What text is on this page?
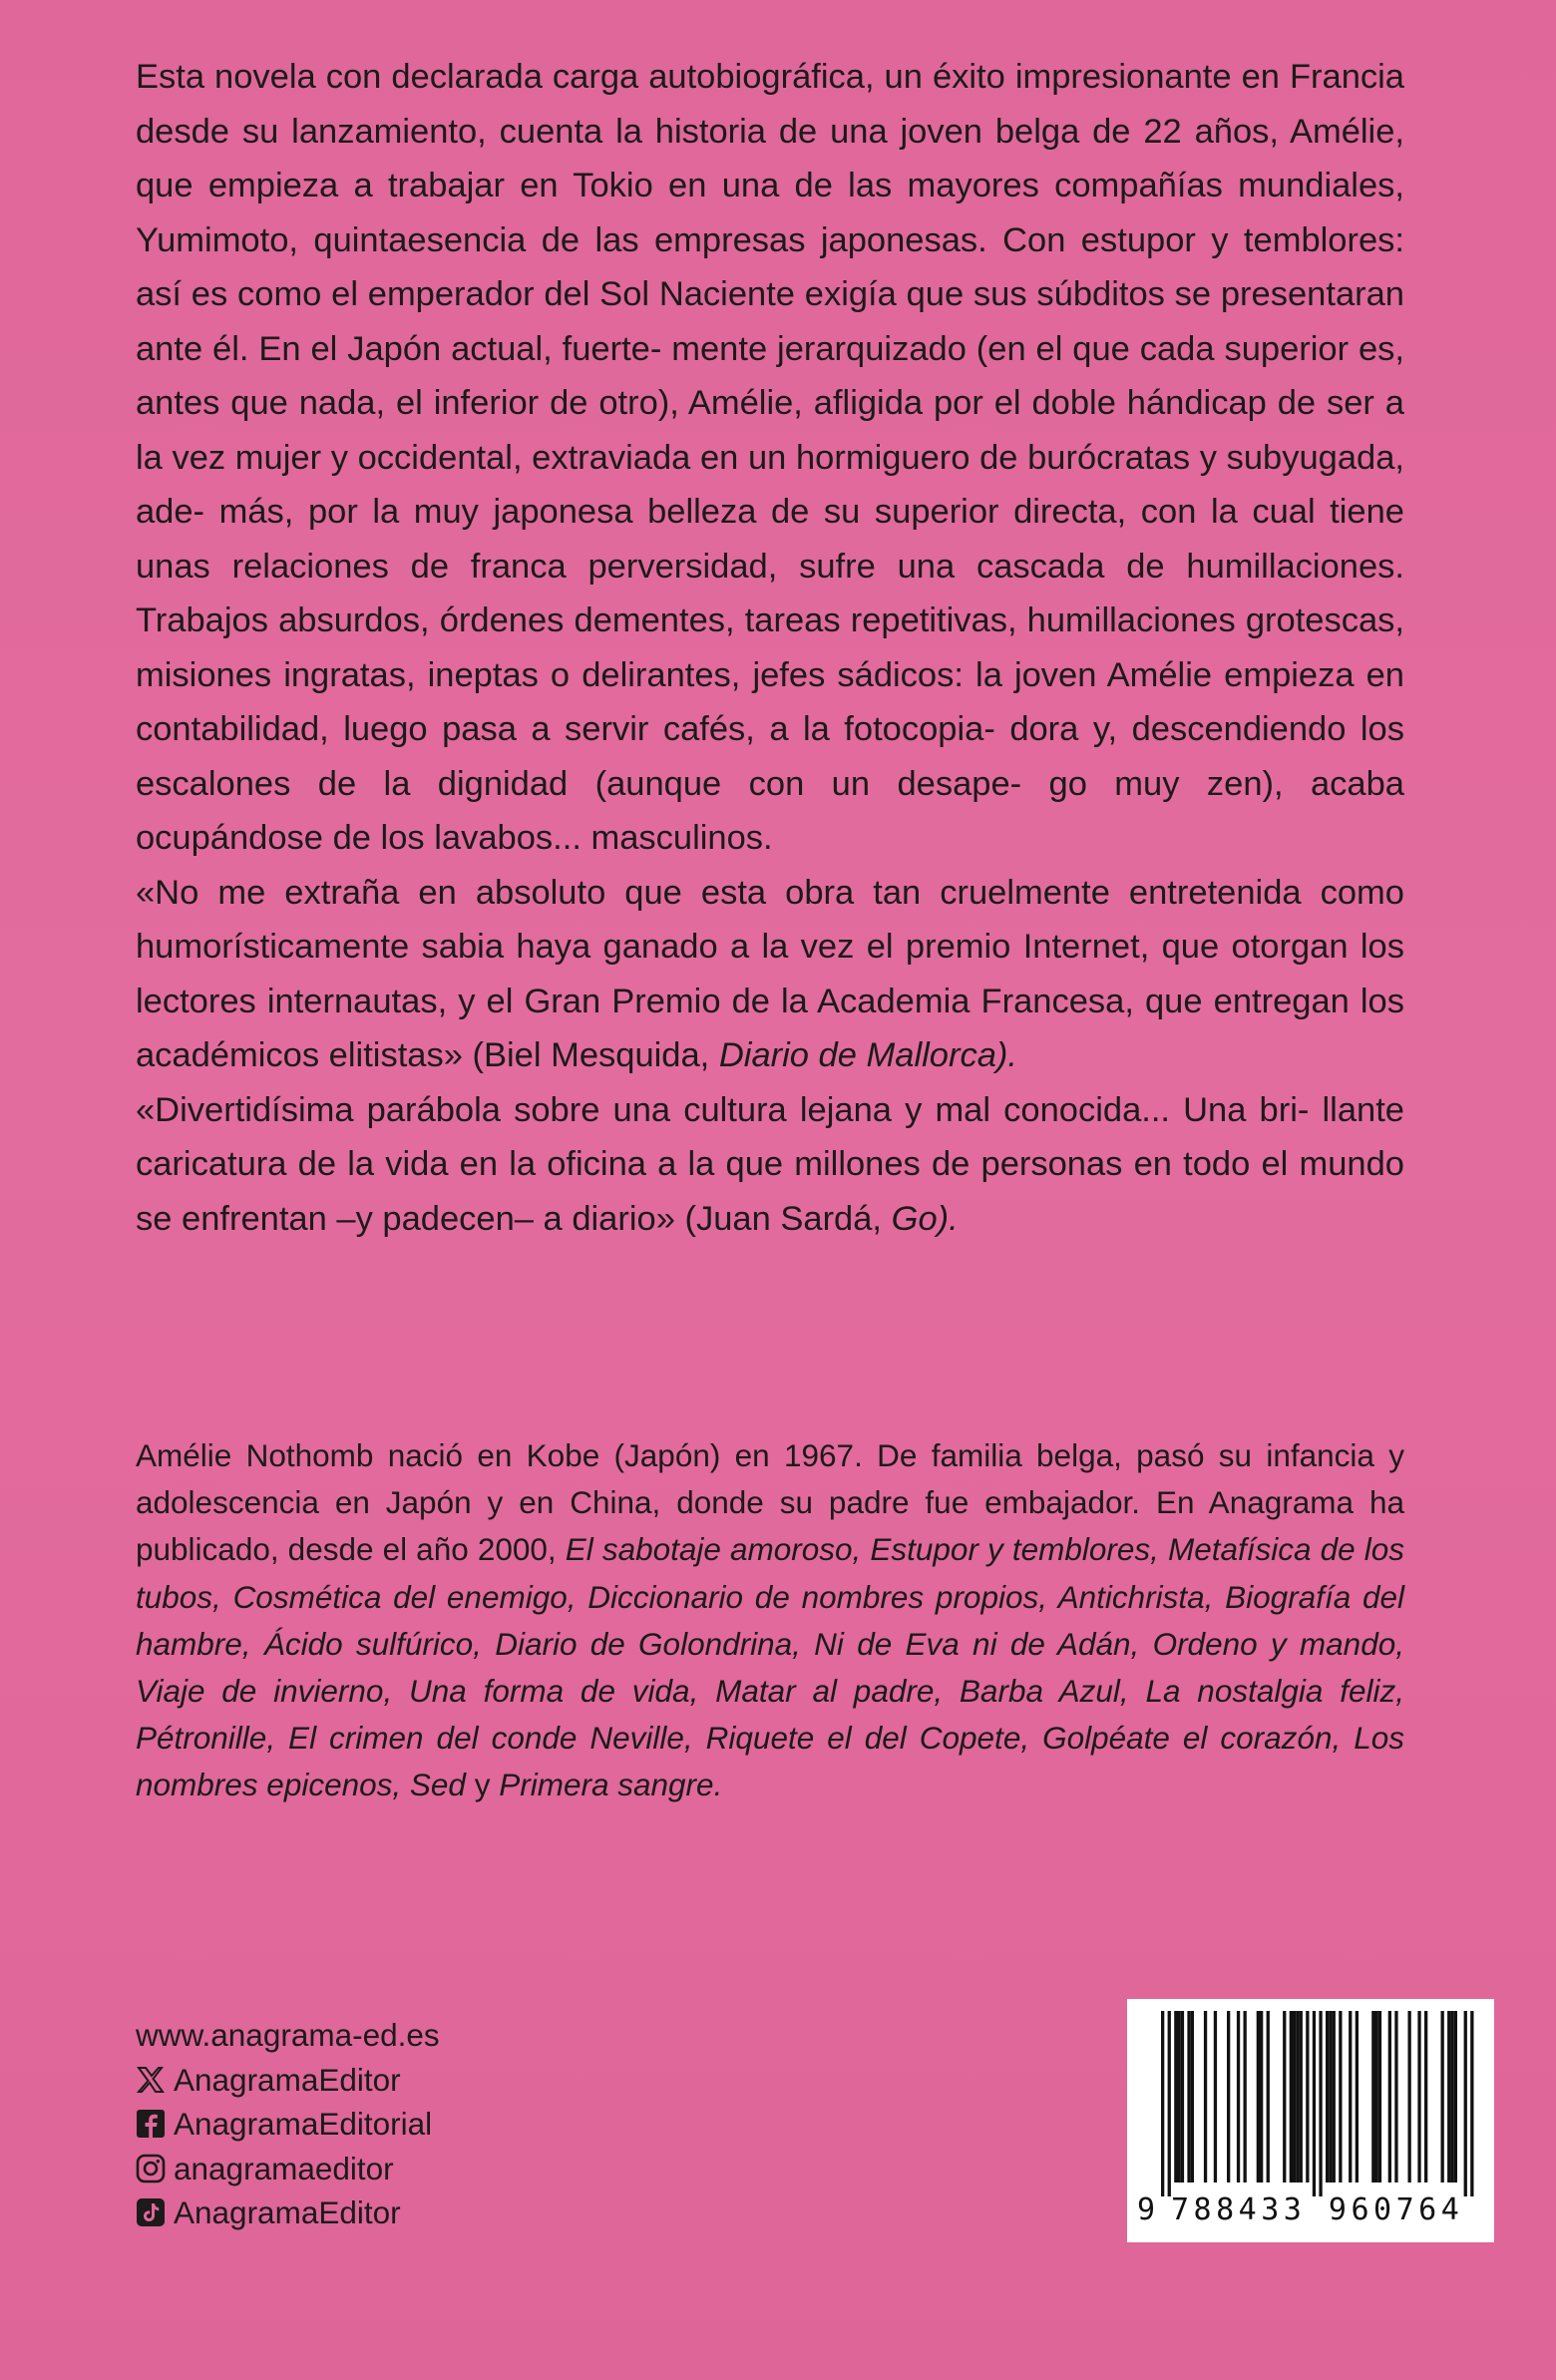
Esta novela con declarada carga autobiográfica, un éxito impresionante en Francia desde su lanzamiento, cuenta la historia de una joven belga de 22 años, Amélie, que empieza a trabajar en Tokio en una de las mayores compañías mundiales, Yumimoto, quintaesencia de las empresas japonesas. Con estupor y temblores: así es como el emperador del Sol Naciente exigía que sus súbditos se presentaran ante él. En el Japón actual, fuerte- mente jerarquizado (en el que cada superior es, antes que nada, el inferior de otro), Amélie, afligida por el doble hándicap de ser a la vez mujer y occidental, extraviada en un hormiguero de burócratas y subyugada, ade- más, por la muy japonesa belleza de su superior directa, con la cual tiene unas relaciones de franca perversidad, sufre una cascada de humillaciones. Trabajos absurdos, órdenes dementes, tareas repetitivas, humillaciones grotescas, misiones ingratas, ineptas o delirantes, jefes sádicos: la joven Amélie empieza en contabilidad, luego pasa a servir cafés, a la fotocopia- dora y, descendiendo los escalones de la dignidad (aunque con un desape- go muy zen), acaba ocupándose de los lavabos... masculinos.

«No me extraña en absoluto que esta obra tan cruelmente entretenida como humorísticamente sabia haya ganado a la vez el premio Internet, que otorgan los lectores internautas, y el Gran Premio de la Academia Francesa, que entregan los académicos elitistas» (Biel Mesquida, Diario de Mallorca).

«Divertidísima parábola sobre una cultura lejana y mal conocida... Una bri- llante caricatura de la vida en la oficina a la que millones de personas en todo el mundo se enfrentan –y padecen– a diario» (Juan Sardá, Go).

Amélie Nothomb nació en Kobe (Japón) en 1967. De familia belga, pasó su infancia y adolescencia en Japón y en China, donde su padre fue embajador. En Anagrama ha publicado, desde el año 2000, El sabotaje amoroso, Estupor y temblores, Metafísica de los tubos, Cosmética del enemigo, Diccionario de nombres propios, Antichrista, Biografía del hambre, Ácido sulfúrico, Diario de Golondrina, Ni de Eva ni de Adán, Ordeno y mando, Viaje de invierno, Una forma de vida, Matar al padre, Barba Azul, La nostalgia feliz, Pétronille, El crimen del conde Neville, Riquete el del Copete, Golpéate el corazón, Los nombres epicenos, Sed y Primera sangre.

www.anagrama-ed.es
AnagramaEditor
AnagramaEditorial
anagramaeditor
AnagramaEditor	9 788433 960764
